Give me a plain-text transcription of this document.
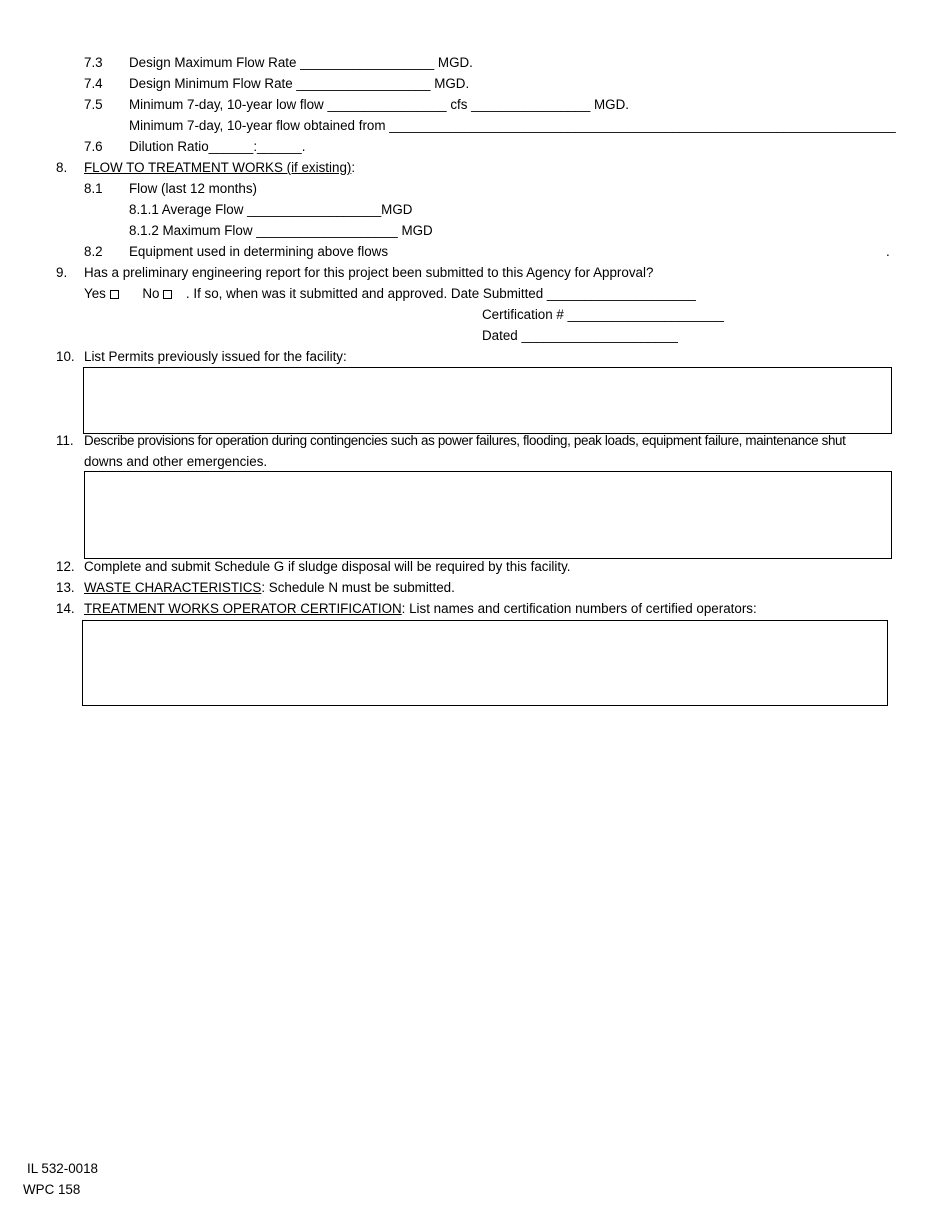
7.3 Design Maximum Flow Rate __________________ MGD.
7.4 Design Minimum Flow Rate __________________ MGD.
7.5 Minimum 7-day, 10-year low flow ________________ cfs ________________ MGD.
Minimum 7-day, 10-year flow obtained from ____________________________________________________________________
7.6 Dilution Ratio______:______.
8. FLOW TO TREATMENT WORKS (if existing):
8.1 Flow (last 12 months)
8.1.1 Average Flow __________________MGD
8.1.2 Maximum Flow ___________________ MGD
8.2 Equipment used in determining above flows	.
9. Has a preliminary engineering report for this project been submitted to this Agency for Approval?
Yes	No . If so, when was it submitted and approved. Date Submitted ____________________
Certification # _____________________
Dated _____________________
10. List Permits previously issued for the facility:
11. Describe provisions for operation during contingencies such as power failures, flooding, peak loads, equipment failure, maintenance shut
downs and other emergencies.
12. Complete and submit Schedule G if sludge disposal will be required by this facility.
13. WASTE CHARACTERISTICS: Schedule N must be submitted.
14. TREATMENT WORKS OPERATOR CERTIFICATION: List names and certification numbers of certified operators:
IL 532-0018
WPC 158
